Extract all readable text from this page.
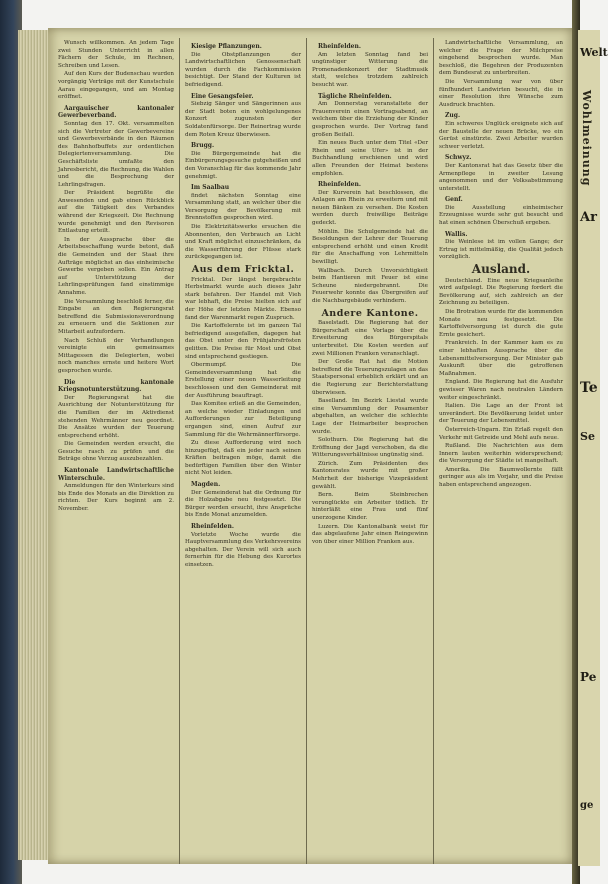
Wunsch willkommen. An jedem Tage zwei Stunden Unterricht in allen Fächern der Schule, im Rechnen, Schreiben und Lesen.

Auf den Kurs der Budenschau wurden vorgängig Verträge mit der Kunstschule Aarau eingegangen, und am Montag eröffnet.

Aargauischer kantonaler Gewerbeverband.

Sonntag den 17. Okt. versammelten sich die Vertreter der Gewerbevereine und Gewerbeverbände in den Räumen des Bahnhofbuffets zur ordentlichen Delegiertenversammlung. Die Geschäftsliste umfaßte den Jahresbericht, die Rechnung, die Wahlen und die Besprechung der Lehrlingsfragen.

Der Präsident begrüßte die Anwesenden und gab einen Rückblick auf die Tätigkeit des Verbandes während der Kriegszeit. Die Rechnung wurde genehmigt und den Revisoren Entlastung erteilt.

In der Aussprache über die Arbeitsbeschaffung wurde betont, daß die Gemeinden und der Staat ihre Aufträge möglichst an das einheimische Gewerbe vergeben sollen. Ein Antrag auf Unterstützung der Lehrlingsprüfungen fand einstimmige Annahme.

Die Versammlung beschloß ferner, die Eingabe an den Regierungsrat betreffend die Submissionsverordnung zu erneuern und die Sektionen zur Mitarbeit aufzufordern.

Nach Schluß der Verhandlungen vereinigte ein gemeinsames Mittagessen die Delegierten, wobei noch manches ernste und heitere Wort gesprochen wurde.

Die kantonale Kriegsnotunterstützung.

Der Regierungsrat hat die Ausrichtung der Notunterstützung für die Familien der im Aktivdienst stehenden Wehrmänner neu geordnet. Die Ansätze wurden der Teuerung entsprechend erhöht.

Die Gemeinden werden ersucht, die Gesuche rasch zu prüfen und die Beträge ohne Verzug auszubezahlen.

Kantonale Landwirtschaftliche Winterschule.

Anmeldungen für den Winterkurs sind bis Ende des Monats an die Direktion zu richten. Der Kurs beginnt am 2. November.

Kiesige Pflanzungen.

Die Obstpflanzungen der Landwirtschaftlichen Genossenschaft wurden durch die Fachkommission besichtigt. Der Stand der Kulturen ist befriedigend.

Eine Gesangsfeier.

Siebzig Sänger und Sängerinnen aus der Stadt boten ein wohlgelungenes Konzert zugunsten der Soldatenfürsorge. Der Reinertrag wurde dem Roten Kreuz überwiesen.

Brugg.

Die Bürgergemeinde hat die Einbürgerungsgesuche gutgeheißen und den Voranschlag für das kommende Jahr genehmigt.

Im Saalbau

findet nächsten Sonntag eine Versammlung statt, an welcher über die Versorgung der Bevölkerung mit Brennstoffen gesprochen wird.

Die Elektrizitätswerke ersuchen die Abonnenten, den Verbrauch an Licht und Kraft möglichst einzuschränken, da die Wasserführung der Flüsse stark zurückgegangen ist.

Aus dem Fricktal.

Fricktal. Der längst hergebrachte Herbstmarkt wurde auch dieses Jahr stark befahren. Der Handel mit Vieh war lebhaft, die Preise hielten sich auf der Höhe der letzten Märkte. Ebenso fand der Warenmarkt regen Zuspruch.

Die Kartoffelernte ist im ganzen Tal befriedigend ausgefallen, dagegen hat das Obst unter den Frühjahrsfrösten gelitten. Die Preise für Most und Obst sind entsprechend gestiegen.

Obermumpf. Die Gemeindeversammlung hat die Erstellung einer neuen Wasserleitung beschlossen und den Gemeinderat mit der Ausführung beauftragt.

Das Komitee erließ an die Gemeinden, an welche wieder Einladungen und Aufforderungen zur Beteiligung ergangen sind, einen Aufruf zur Sammlung für die Wehrmännerfürsorge.

Zu diese Aufforderung wird noch hinzugefügt, daß ein jeder nach seinen Kräften beitragen möge, damit die bedürftigen Familien über den Winter nicht Not leiden.

Magden.

Der Gemeinderat hat die Ordnung für die Holzabgabe neu festgesetzt. Die Bürger werden ersucht, ihre Ansprüche bis Ende Monat anzumelden.

Rheinfelden.

Vorletzte Woche wurde die Hauptversammlung des Verkehrsvereins abgehalten. Der Verein will sich auch fernerhin für die Hebung des Kurortes einsetzen.

Rheinfelden.

Am letzten Sonntag fand bei ungünstiger Witterung die Promenadenkonzert der Stadtmusik statt, welches trotzdem zahlreich besucht war.

Tägliche Rheinfelden.

Am Donnerstag veranstaltete der Frauenverein einen Vortragsabend, an welchem über die Erziehung der Kinder gesprochen wurde. Der Vortrag fand großen Beifall.

Ein neues Buch unter dem Titel «Der Rhein und seine Ufer» ist in der Buchhandlung erschienen und wird allen Freunden der Heimat bestens empfohlen.

Rheinfelden.

Der Kurverein hat beschlossen, die Anlagen am Rhein zu erweitern und mit neuen Bänken zu versehen. Die Kosten werden durch freiwillige Beiträge gedeckt.

Möhlin. Die Schulgemeinde hat die Besoldungen der Lehrer der Teuerung entsprechend erhöht und einen Kredit für die Anschaffung von Lehrmitteln bewilligt.

Wallbach. Durch Unvorsichtigkeit beim Hantieren mit Feuer ist eine Scheune niedergebrannt. Die Feuerwehr konnte das Übergreifen auf die Nachbargebäude verhindern.

Andere Kantone.

Baselstadt. Die Regierung hat der Bürgerschaft eine Vorlage über die Erweiterung des Bürgerspitals unterbreitet. Die Kosten werden auf zwei Millionen Franken veranschlagt.

Der Große Rat hat die Motion betreffend die Teuerungszulagen an das Staatspersonal erheblich erklärt und an die Regierung zur Berichterstattung überwiesen.

Baselland. Im Bezirk Liestal wurde eine Versammlung der Posamenter abgehalten, an welcher die schlechte Lage der Heimarbeiter besprochen wurde.

Solothurn. Die Regierung hat die Eröffnung der Jagd verschoben, da die Witterungsverhältnisse ungünstig sind.

Zürich. Zum Präsidenten des Kantonsrates wurde mit großer Mehrheit der bisherige Vizepräsident gewählt.

Bern. Beim Steinbrechen verunglückte ein Arbeiter tödlich. Er hinterläßt eine Frau und fünf unerzogene Kinder.

Luzern. Die Kantonalbank weist für das abgelaufene Jahr einen Reingewinn von über einer Million Franken aus.

Landwirtschaftliche Versammlung, an welcher die Frage der Milchpreise eingehend besprochen wurde. Man beschloß, die Begehren der Produzenten dem Bundesrat zu unterbreiten.

Die Versammlung war von über fünfhundert Landwirten besucht, die in einer Resolution ihre Wünsche zum Ausdruck brachten.

Zug.

Ein schweres Unglück ereignete sich auf der Baustelle der neuen Brücke, wo ein Gerüst einstürzte. Zwei Arbeiter wurden schwer verletzt.

Schwyz.

Der Kantonsrat hat das Gesetz über die Armenpflege in zweiter Lesung angenommen und der Volksabstimmung unterstellt.

Genf.

Die Ausstellung einheimischer Erzeugnisse wurde sehr gut besucht und hat einen schönen Überschuß ergeben.

Wallis.

Die Weinlese ist im vollen Gange; der Ertrag ist mittelmäßig, die Qualität jedoch vorzüglich.

Ausland.

Deutschland. Eine neue Kriegsanleihe wird aufgelegt. Die Regierung fordert die Bevölkerung auf, sich zahlreich an der Zeichnung zu beteiligen.

Die Brotration wurde für die kommenden Monate neu festgesetzt. Die Kartoffelversorgung ist durch die gute Ernte gesichert.

Frankreich. In der Kammer kam es zu einer lebhaften Aussprache über die Lebensmittelversorgung. Der Minister gab Auskunft über die getroffenen Maßnahmen.

England. Die Regierung hat die Ausfuhr gewisser Waren nach neutralen Ländern weiter eingeschränkt.

Italien. Die Lage an der Front ist unverändert. Die Bevölkerung leidet unter der Teuerung der Lebensmittel.

Österreich-Ungarn. Ein Erlaß regelt den Verkehr mit Getreide und Mehl aufs neue.

Rußland. Die Nachrichten aus dem Innern lauten weiterhin widersprechend; die Versorgung der Städte ist mangelhaft.

Amerika. Die Baumwollernte fällt geringer aus als im Vorjahr, und die Preise haben entsprechend angezogen.

Welt
Ar
Te
Se
Pe
ge
Wohlmeinung
